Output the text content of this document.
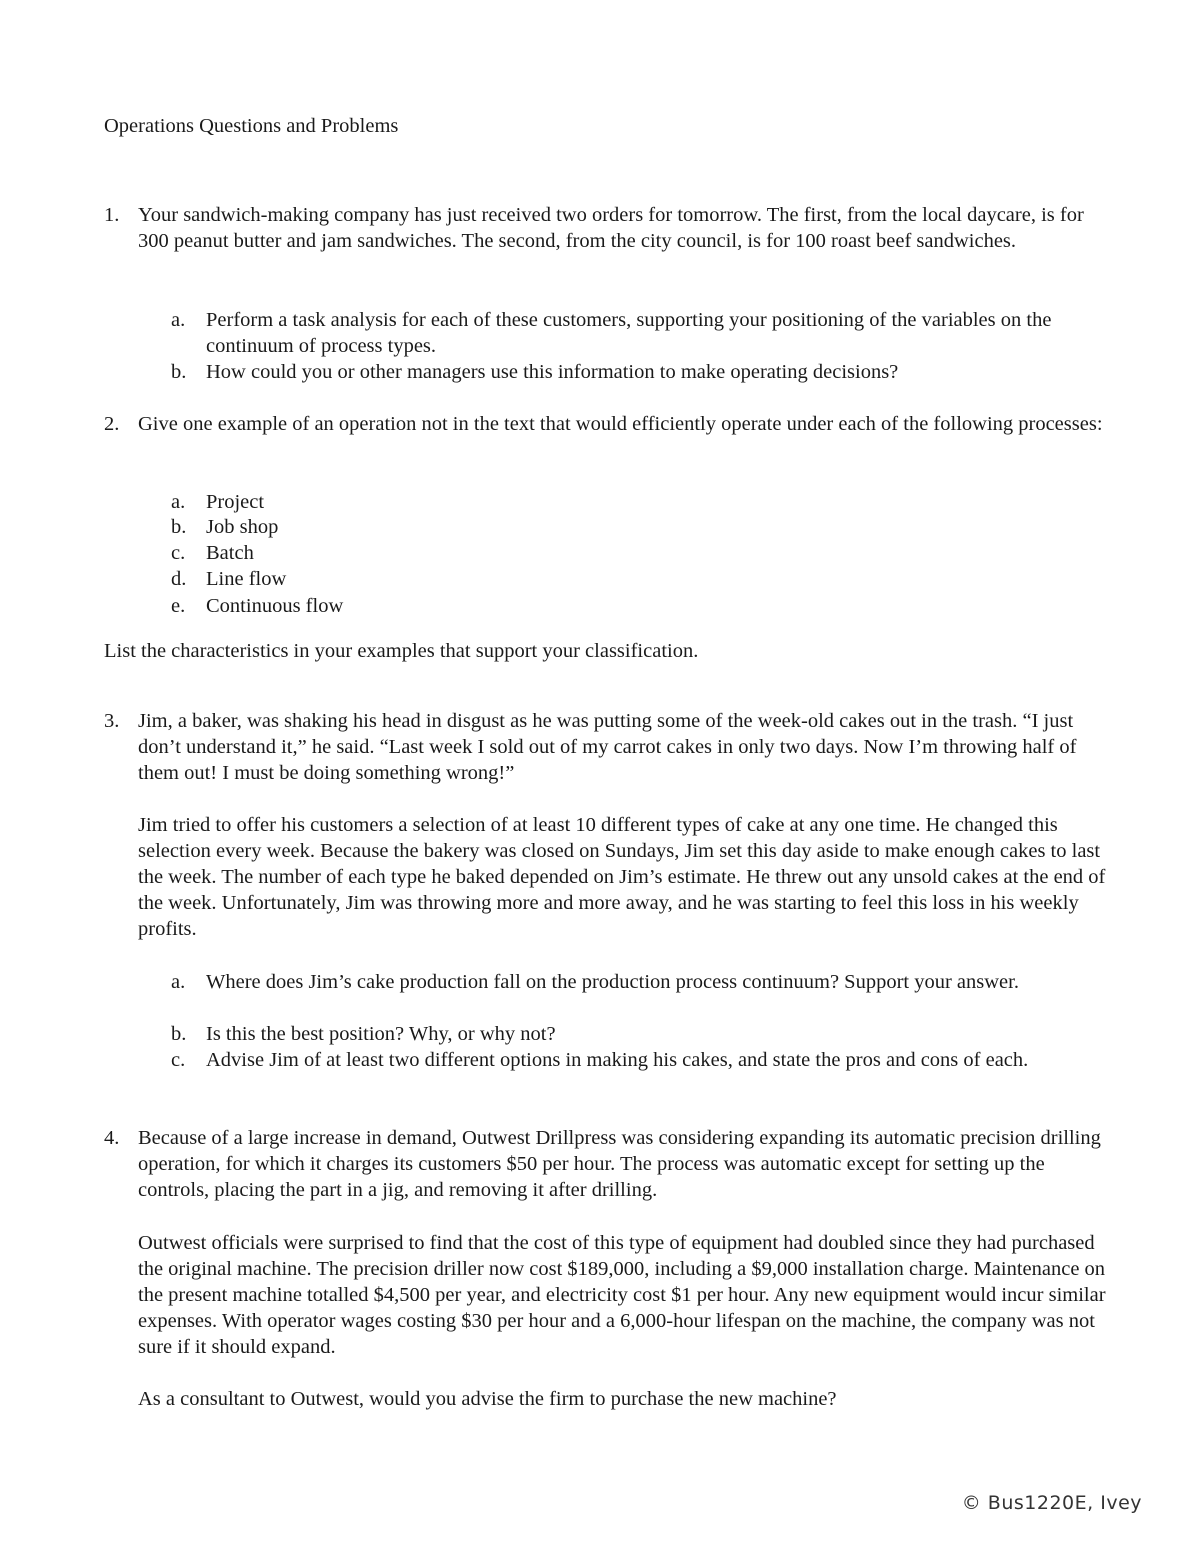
Operations Questions and Problems

1. Your sandwich-making company has just received two orders for tomorrow. The first, from the local daycare, is for 300 peanut butter and jam sandwiches. The second, from the city council, is for 100 roast beef sandwiches.

a.	Perform a task analysis for each of these customers, supporting your positioning of the variables on the continuum of process types.

b. How could you or other managers use this information to make operating decisions?

2. Give one example of an operation not in the text that would efficiently operate under each of the following processes:

a.	Project

b. Job shop

c.	Batch

d. Line flow

e.	Continuous flow

List the characteristics in your examples that support your classification.

3. Jim, a baker, was shaking his head in disgust as he was putting some of the week-old cakes out in the trash. “I just don’t understand it,” he said. “Last week I sold out of my carrot cakes in only two days. Now I’m throwing half of them out! I must be doing something wrong!”

Jim tried to offer his customers a selection of at least 10 different types of cake at any one time. He changed this selection every week. Because the bakery was closed on Sundays, Jim set this day aside to make enough cakes to last the week. The number of each type he baked depended on Jim’s estimate. He threw out any unsold cakes at the end of the week. Unfortunately, Jim was throwing more and more away, and he was starting to feel this loss in his weekly profits.

a.	Where does Jim’s cake production fall on the production process continuum? Support your answer.

b. Is this the best position? Why, or why not?

c.	Advise Jim of at least two different options in making his cakes, and state the pros and cons of each.

4. Because of a large increase in demand, Outwest Drillpress was considering expanding its automatic precision drilling operation, for which it charges its customers $50 per hour. The process was automatic except for setting up the controls, placing the part in a jig, and removing it after drilling.

Outwest officials were surprised to find that the cost of this type of equipment had doubled since they had purchased the original machine. The precision driller now cost $189,000, including a $9,000 installation charge. Maintenance on the present machine totalled $4,500 per year, and electricity cost $1 per hour. Any new equipment would incur similar expenses. With operator wages costing $30 per hour and a 6,000-hour lifespan on the machine, the company was not sure if it should expand.

As a consultant to Outwest, would you advise the firm to purchase the new machine?

© Bus1220E, Ivey
